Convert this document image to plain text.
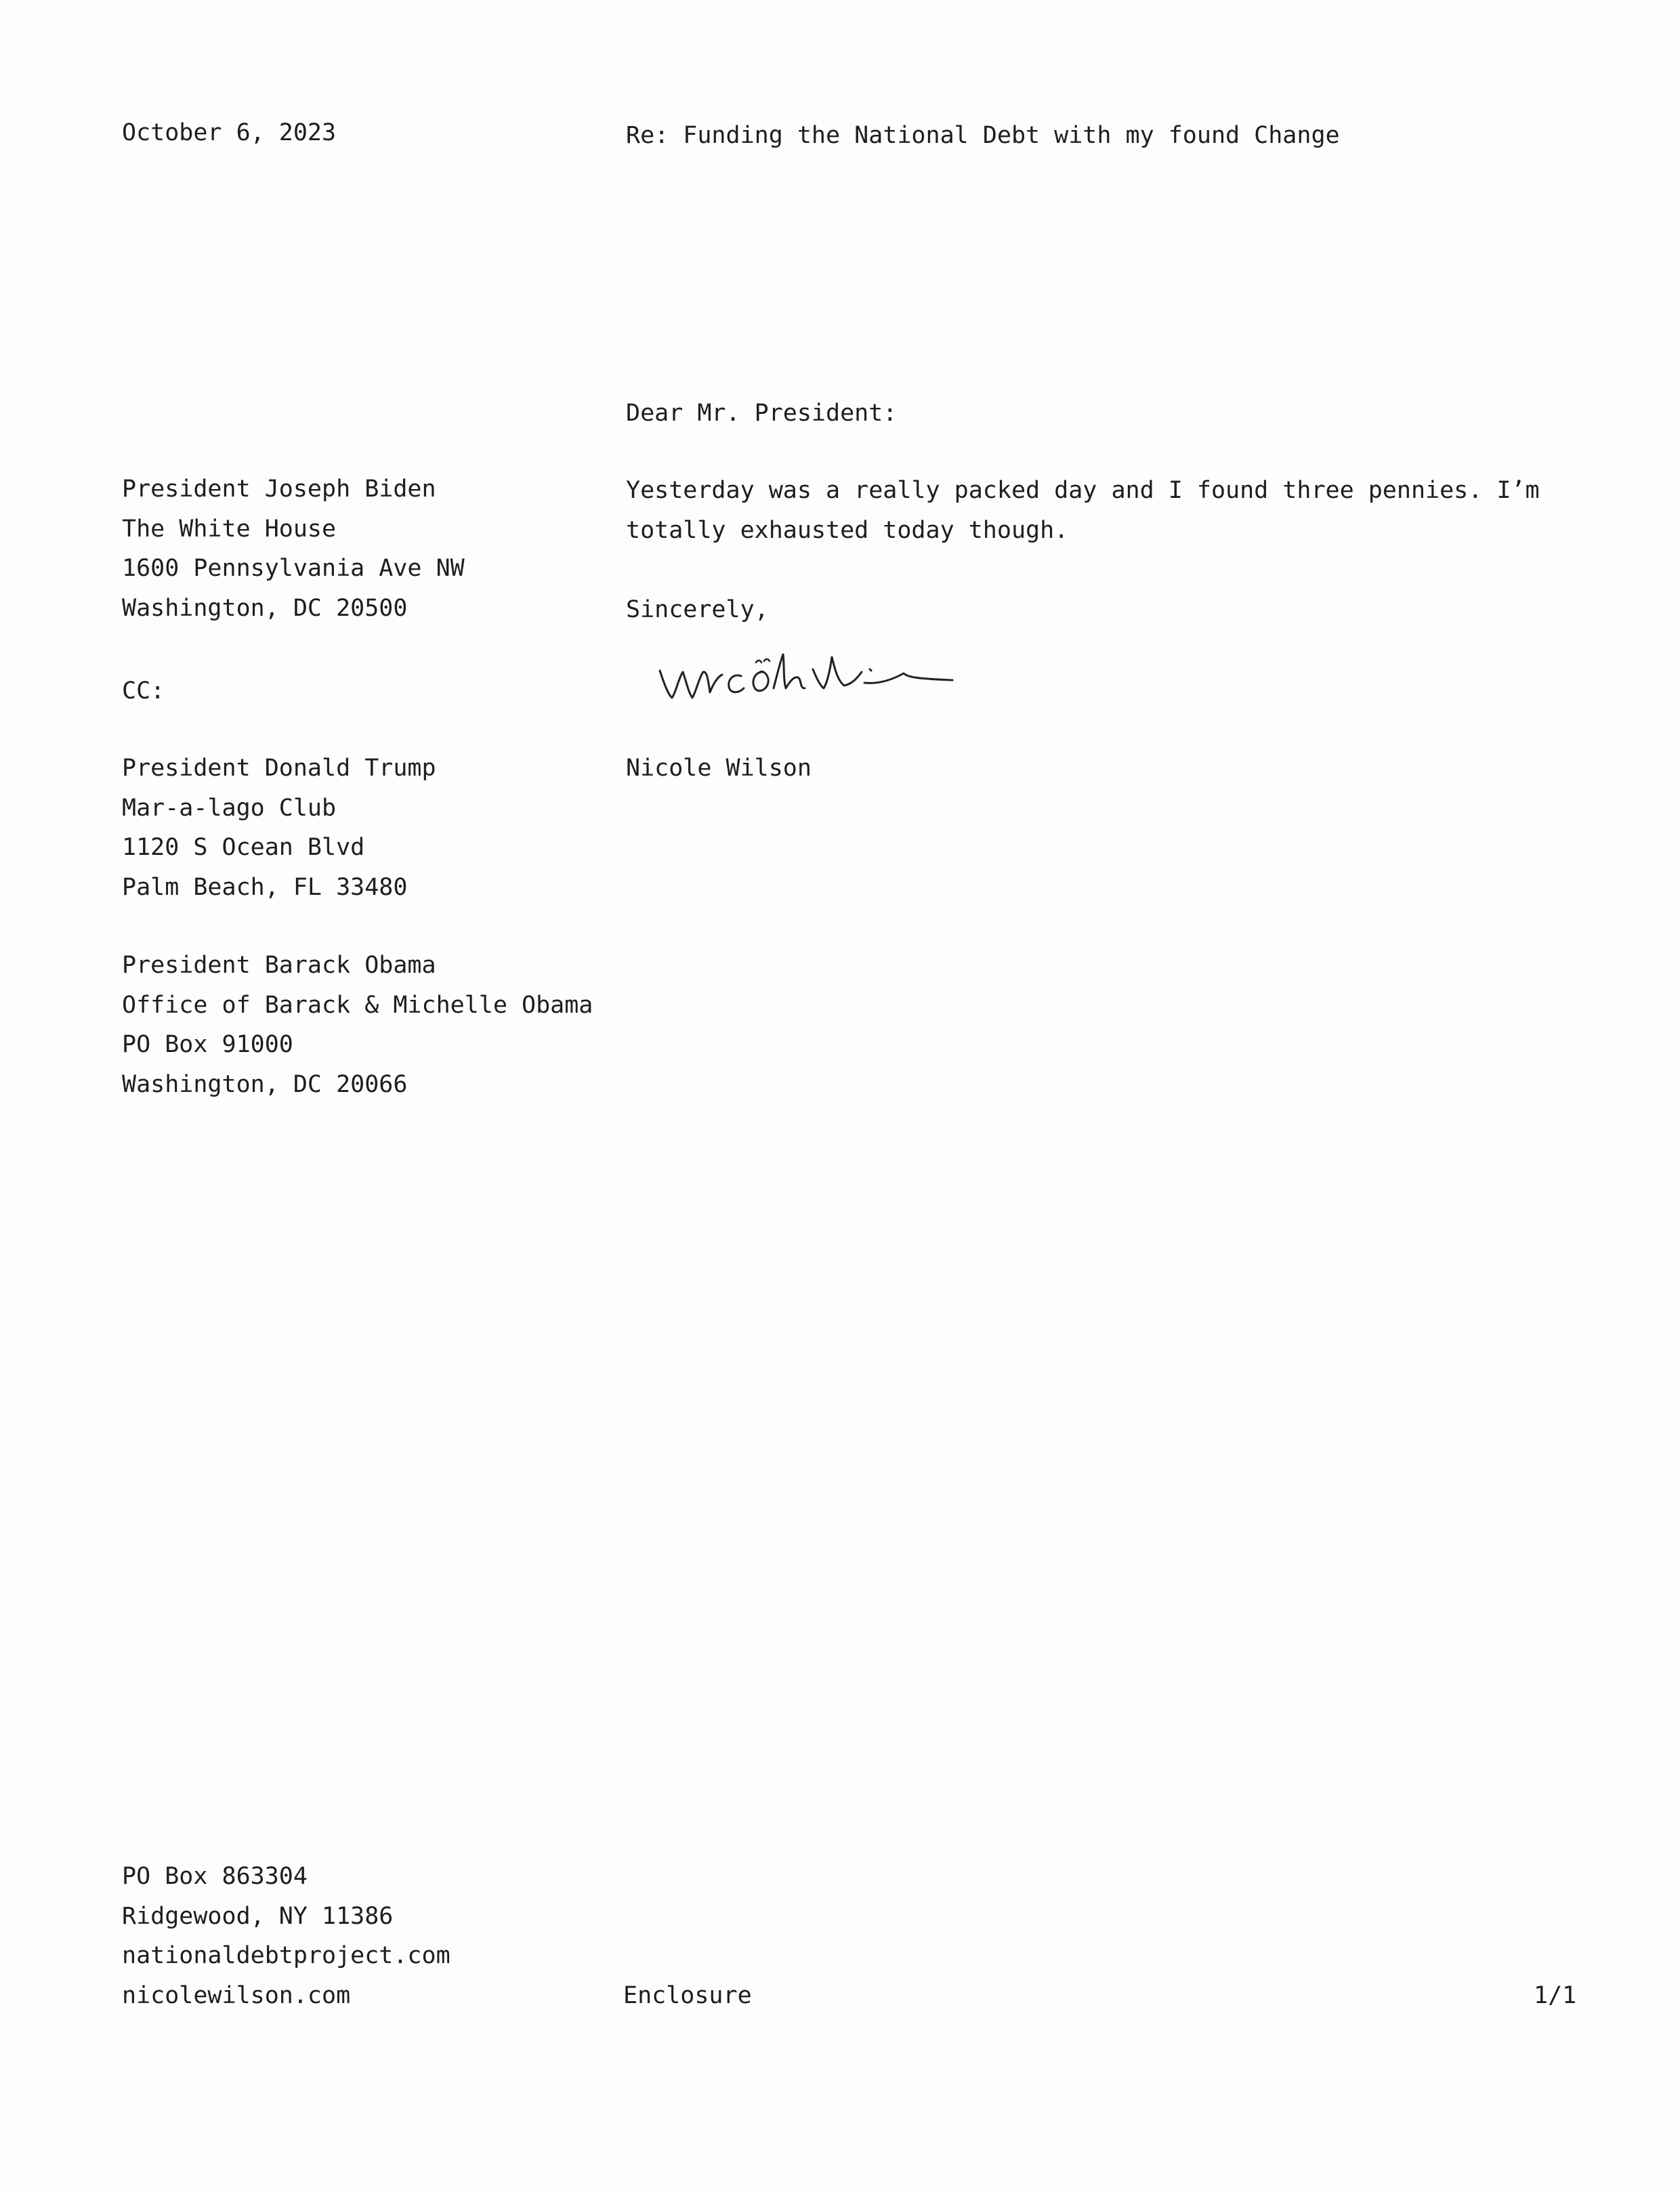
October 6, 2023	Re: Funding the National Debt with my found Change
President Joseph Biden
The White House
1600 Pennsylvania Ave NW
Washington, DC 20500
CC:
President Donald Trump
Mar-a-lago Club
1120 S Ocean Blvd
Palm Beach, FL 33480
President Barack Obama
Office of Barack & Michelle Obama
PO Box 91000
Washington, DC 20066
Dear Mr. President:
Yesterday was a really packed day and I found three pennies. I’m
totally exhausted today though.
Sincerely,
Nicole Wilson
PO Box 863304
Ridgewood, NY 11386
nationaldebtproject.com
nicolewilson.com	Enclosure	1/1
